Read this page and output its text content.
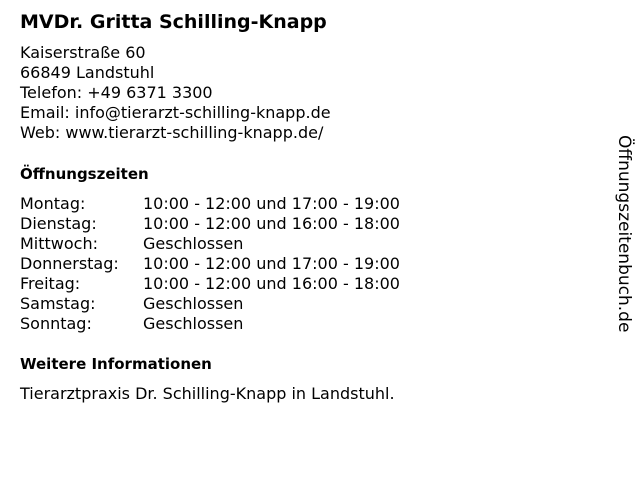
MVDr. Gritta Schilling-Knapp
Kaiserstraße 60
66849 Landstuhl
Telefon: +49 6371 3300
Email: info@tierarzt-schilling-knapp.de
Web: www.tierarzt-schilling-knapp.de/
Öffnungszeiten
Montag:	10:00 - 12:00 und 17:00 - 19:00
Dienstag:	10:00 - 12:00 und 16:00 - 18:00
Mittwoch:	Geschlossen
Donnerstag:	10:00 - 12:00 und 17:00 - 19:00
Freitag:	10:00 - 12:00 und 16:00 - 18:00
Samstag:	Geschlossen
Sonntag:	Geschlossen
Weitere Informationen
Tierarztpraxis Dr. Schilling-Knapp in Landstuhl.
Öffnungszeitenbuch.de
